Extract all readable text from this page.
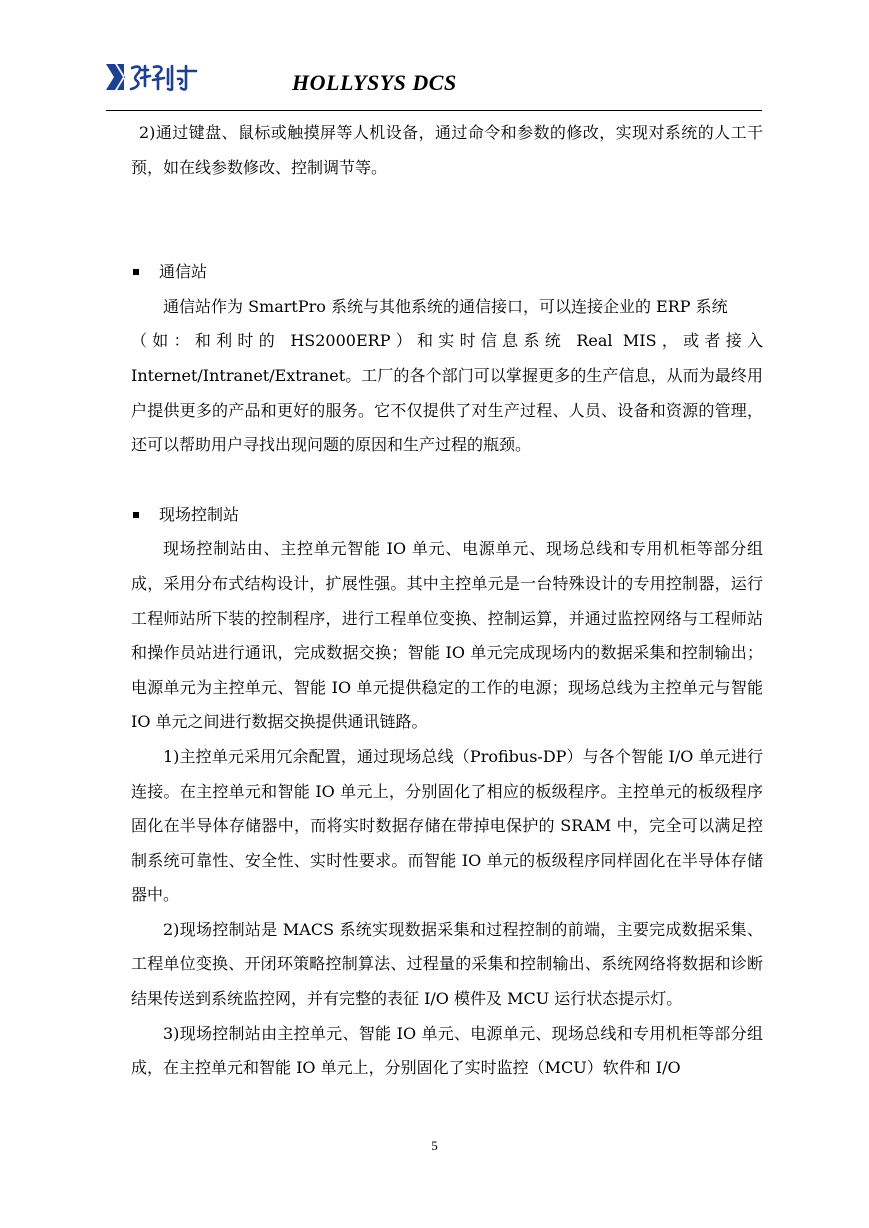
HOLLYSYS DCS

2)通过键盘、鼠标或触摸屏等人机设备，通过命令和参数的修改，实现对系统的人工干预，如在线参数修改、控制调节等。

通信站

通信站作为 SmartPro 系统与其他系统的通信接口，可以连接企业的 ERP 系统

（如：和利时的 HS2000ERP）和实时信息系统 Real MIS，或者接入

Internet/Intranet/Extranet。工厂的各个部门可以掌握更多的生产信息，从而为最终用户提供更多的产品和更好的服务。它不仅提供了对生产过程、人员、设备和资源的管理，还可以帮助用户寻找出现问题的原因和生产过程的瓶颈。

现场控制站

现场控制站由、主控单元智能 IO 单元、电源单元、现场总线和专用机柜等部分组成，采用分布式结构设计，扩展性强。其中主控单元是一台特殊设计的专用控制器，运行工程师站所下装的控制程序，进行工程单位变换、控制运算，并通过监控网络与工程师站和操作员站进行通讯，完成数据交换；智能 IO 单元完成现场内的数据采集和控制输出；电源单元为主控单元、智能 IO 单元提供稳定的工作的电源；现场总线为主控单元与智能 IO 单元之间进行数据交换提供通讯链路。

1)主控单元采用冗余配置，通过现场总线（Profibus-DP）与各个智能 I/O 单元进行连接。在主控单元和智能 IO 单元上，分别固化了相应的板级程序。主控单元的板级程序固化在半导体存储器中，而将实时数据存储在带掉电保护的 SRAM 中，完全可以满足控制系统可靠性、安全性、实时性要求。而智能 IO 单元的板级程序同样固化在半导体存储器中。

2)现场控制站是 MACS 系统实现数据采集和过程控制的前端，主要完成数据采集、工程单位变换、开闭环策略控制算法、过程量的采集和控制输出、系统网络将数据和诊断结果传送到系统监控网，并有完整的表征 I/O 模件及 MCU 运行状态提示灯。

3)现场控制站由主控单元、智能 IO 单元、电源单元、现场总线和专用机柜等部分组成，在主控单元和智能 IO 单元上，分别固化了实时监控（MCU）软件和 I/O

5
